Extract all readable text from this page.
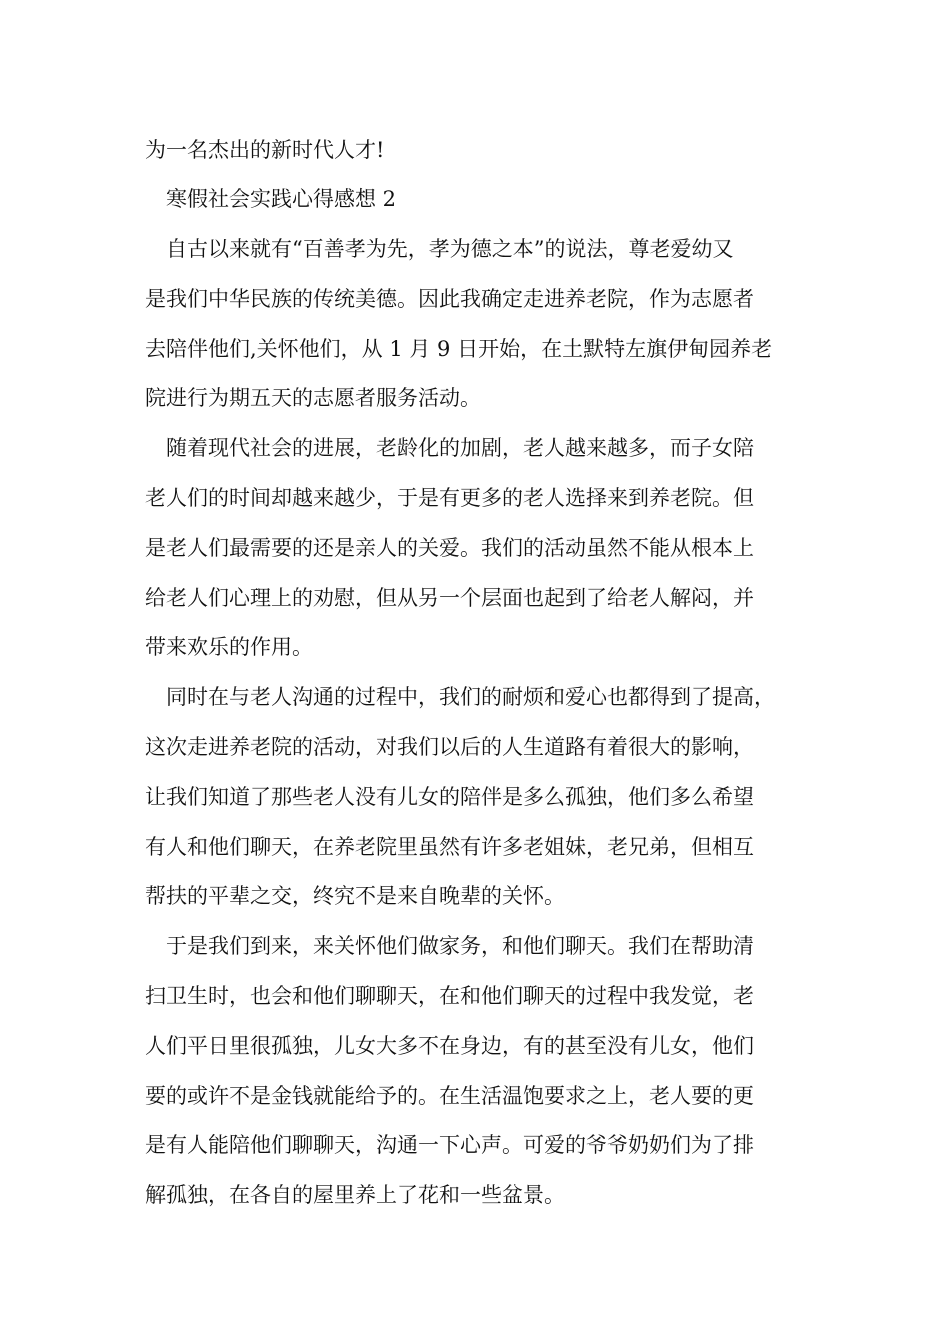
为一名杰出的新时代人才!
寒假社会实践心得感想 2
自古以来就有“百善孝为先，孝为德之本”的说法，尊老爱幼又
是我们中华民族的传统美德。因此我确定走进养老院，作为志愿者
去陪伴他们,关怀他们，从 1 月 9 日开始，在土默特左旗伊甸园养老
院进行为期五天的志愿者服务活动。
随着现代社会的进展，老龄化的加剧，老人越来越多，而子女陪
老人们的时间却越来越少，于是有更多的老人选择来到养老院。但
是老人们最需要的还是亲人的关爱。我们的活动虽然不能从根本上
给老人们心理上的劝慰，但从另一个层面也起到了给老人解闷，并
带来欢乐的作用。
同时在与老人沟通的过程中，我们的耐烦和爱心也都得到了提高，
这次走进养老院的活动，对我们以后的人生道路有着很大的影响，
让我们知道了那些老人没有儿女的陪伴是多么孤独，他们多么希望
有人和他们聊天，在养老院里虽然有许多老姐妹，老兄弟，但相互
帮扶的平辈之交，终究不是来自晚辈的关怀。
于是我们到来，来关怀他们做家务，和他们聊天。我们在帮助清
扫卫生时，也会和他们聊聊天，在和他们聊天的过程中我发觉，老
人们平日里很孤独，儿女大多不在身边，有的甚至没有儿女，他们
要的或许不是金钱就能给予的。在生活温饱要求之上，老人要的更
是有人能陪他们聊聊天，沟通一下心声。可爱的爷爷奶奶们为了排
解孤独，在各自的屋里养上了花和一些盆景。
